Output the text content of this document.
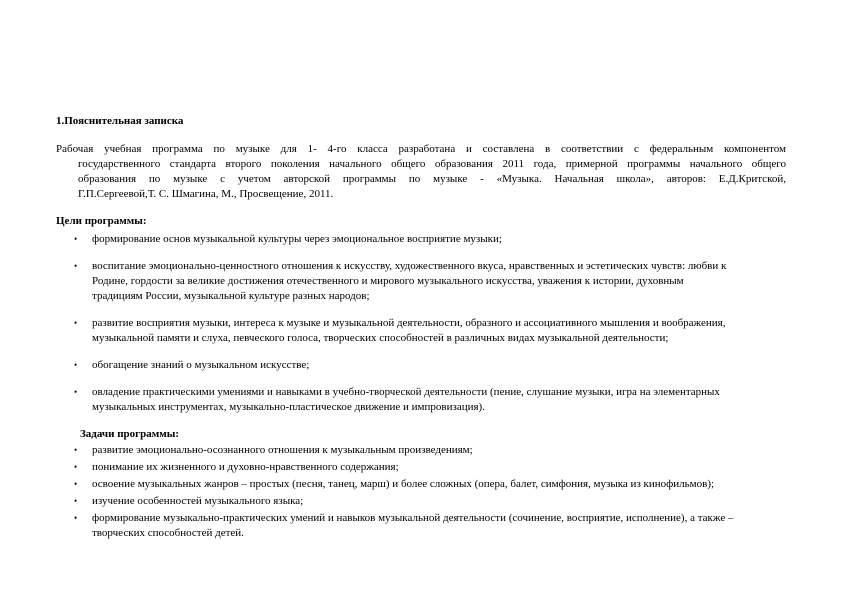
1.Пояснительная записка
Рабочая учебная программа по музыке для 1- 4-го класса разработана и составлена в соответствии с федеральным компонентом
государственного стандарта второго поколения начального общего образования 2011 года, примерной программы начального общего
образования по музыке с учетом авторской программы по музыке - «Музыка. Начальная школа», авторов: Е.Д.Критской,
Г.П.Сергеевой,Т. С. Шмагина, М., Просвещение, 2011.
Цели программы:
• формирование основ музыкальной культуры через эмоциональное восприятие музыки;
• воспитание эмоционально-ценностного отношения к искусству, художественного вкуса, нравственных и эстетических чувств: любви к
Родине, гордости за великие достижения отечественного и мирового музыкального искусства, уважения к истории, духовным
традициям России, музыкальной культуре разных народов;
• развитие восприятия музыки, интереса к музыке и музыкальной деятельности, образного и ассоциативного мышления и воображения,
музыкальной памяти и слуха, певческого голоса, творческих способностей в различных видах музыкальной деятельности;
• обогащение знаний о музыкальном искусстве;
• овладение практическими умениями и навыками в учебно-творческой деятельности (пение, слушание музыки, игра на элементарных
музыкальных инструментах, музыкально-пластическое движение и импровизация).
Задачи программы:
• развитие эмоционально-осознанного отношения к музыкальным произведениям;
• понимание их жизненного и духовно-нравственного содержания;
• освоение музыкальных жанров – простых (песня, танец, марш) и более сложных (опера, балет, симфония, музыка из кинофильмов);
• изучение особенностей музыкального языка;
• формирование музыкально-практических умений и навыков музыкальной деятельности (сочинение, восприятие, исполнение), а также –
творческих способностей детей.
